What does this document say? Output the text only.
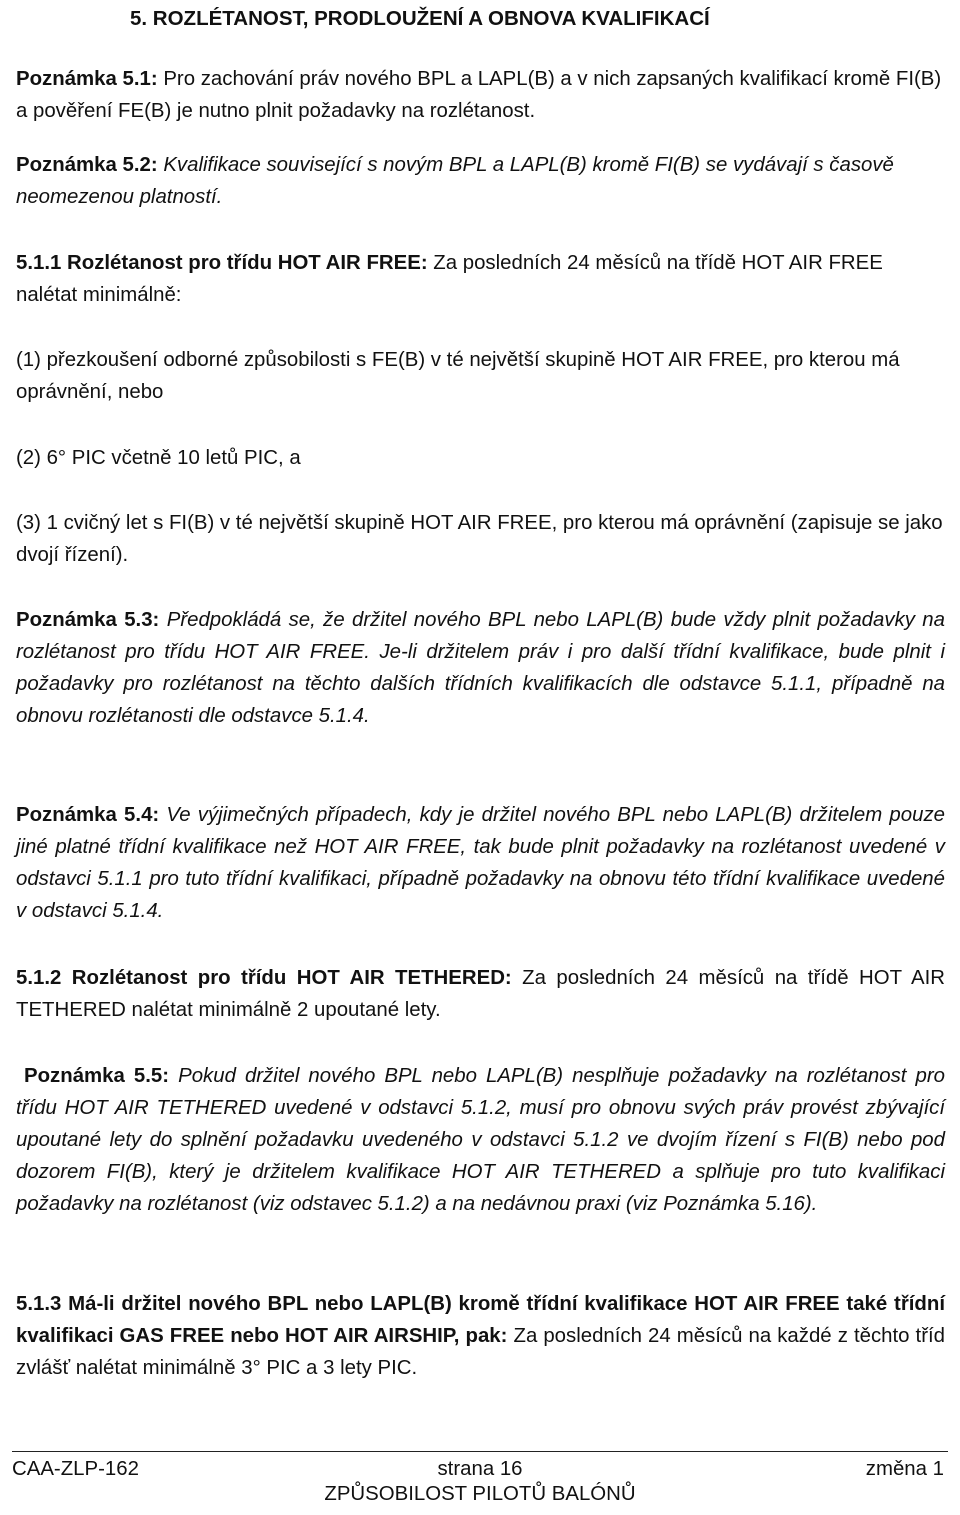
5. ROZLÉTANOST, PRODLOUŽENÍ A OBNOVA KVALIFIKACÍ

Poznámka 5.1: Pro zachování práv nového BPL a LAPL(B) a v nich zapsaných kvalifikací kromě FI(B) a pověření FE(B) je nutno plnit požadavky na rozlétanost.

Poznámka 5.2: Kvalifikace související s novým BPL a LAPL(B) kromě FI(B) se vydávají s časově neomezenou platností.

5.1.1 Rozlétanost pro třídu HOT AIR FREE: Za posledních 24 měsíců na třídě HOT AIR FREE nalétat minimálně:

(1) přezkoušení odborné způsobilosti s FE(B) v té největší skupině HOT AIR FREE, pro kterou má oprávnění, nebo

(2) 6° PIC včetně 10 letů PIC, a

(3) 1 cvičný let s FI(B) v té největší skupině HOT AIR FREE, pro kterou má oprávnění (zapisuje se jako dvojí řízení).

Poznámka 5.3: Předpokládá se, že držitel nového BPL nebo LAPL(B) bude vždy plnit požadavky na rozlétanost pro třídu HOT AIR FREE. Je-li držitelem práv i pro další třídní kvalifikace, bude plnit i požadavky pro rozlétanost na těchto dalších třídních kvalifikacích dle odstavce 5.1.1, případně na obnovu rozlétanosti dle odstavce 5.1.4.

Poznámka 5.4: Ve výjimečných případech, kdy je držitel nového BPL nebo LAPL(B) držitelem pouze jiné platné třídní kvalifikace než HOT AIR FREE, tak bude plnit požadavky na rozlétanost uvedené v odstavci 5.1.1 pro tuto třídní kvalifikaci, případně požadavky na obnovu této třídní kvalifikace uvedené v odstavci 5.1.4.

5.1.2 Rozlétanost pro třídu HOT AIR TETHERED: Za posledních 24 měsíců na třídě HOT AIR TETHERED nalétat minimálně 2 upoutané lety.

Poznámka 5.5: Pokud držitel nového BPL nebo LAPL(B) nesplňuje požadavky na rozlétanost pro třídu HOT AIR TETHERED uvedené v odstavci 5.1.2, musí pro obnovu svých práv provést zbývající upoutané lety do splnění požadavku uvedeného v odstavci 5.1.2 ve dvojím řízení s FI(B) nebo pod dozorem FI(B), který je držitelem kvalifikace HOT AIR TETHERED a splňuje pro tuto kvalifikaci požadavky na rozlétanost (viz odstavec 5.1.2) a na nedávnou praxi (viz Poznámka 5.16).

5.1.3 Má-li držitel nového BPL nebo LAPL(B) kromě třídní kvalifikace HOT AIR FREE také třídní kvalifikaci GAS FREE nebo HOT AIR AIRSHIP, pak: Za posledních 24 měsíců na každé z těchto tříd zvlášť nalétat minimálně 3° PIC a 3 lety PIC.

CAA-ZLP-162	strana 16	změna 1
ZPŮSOBILOST PILOTŮ BALÓNŮ
